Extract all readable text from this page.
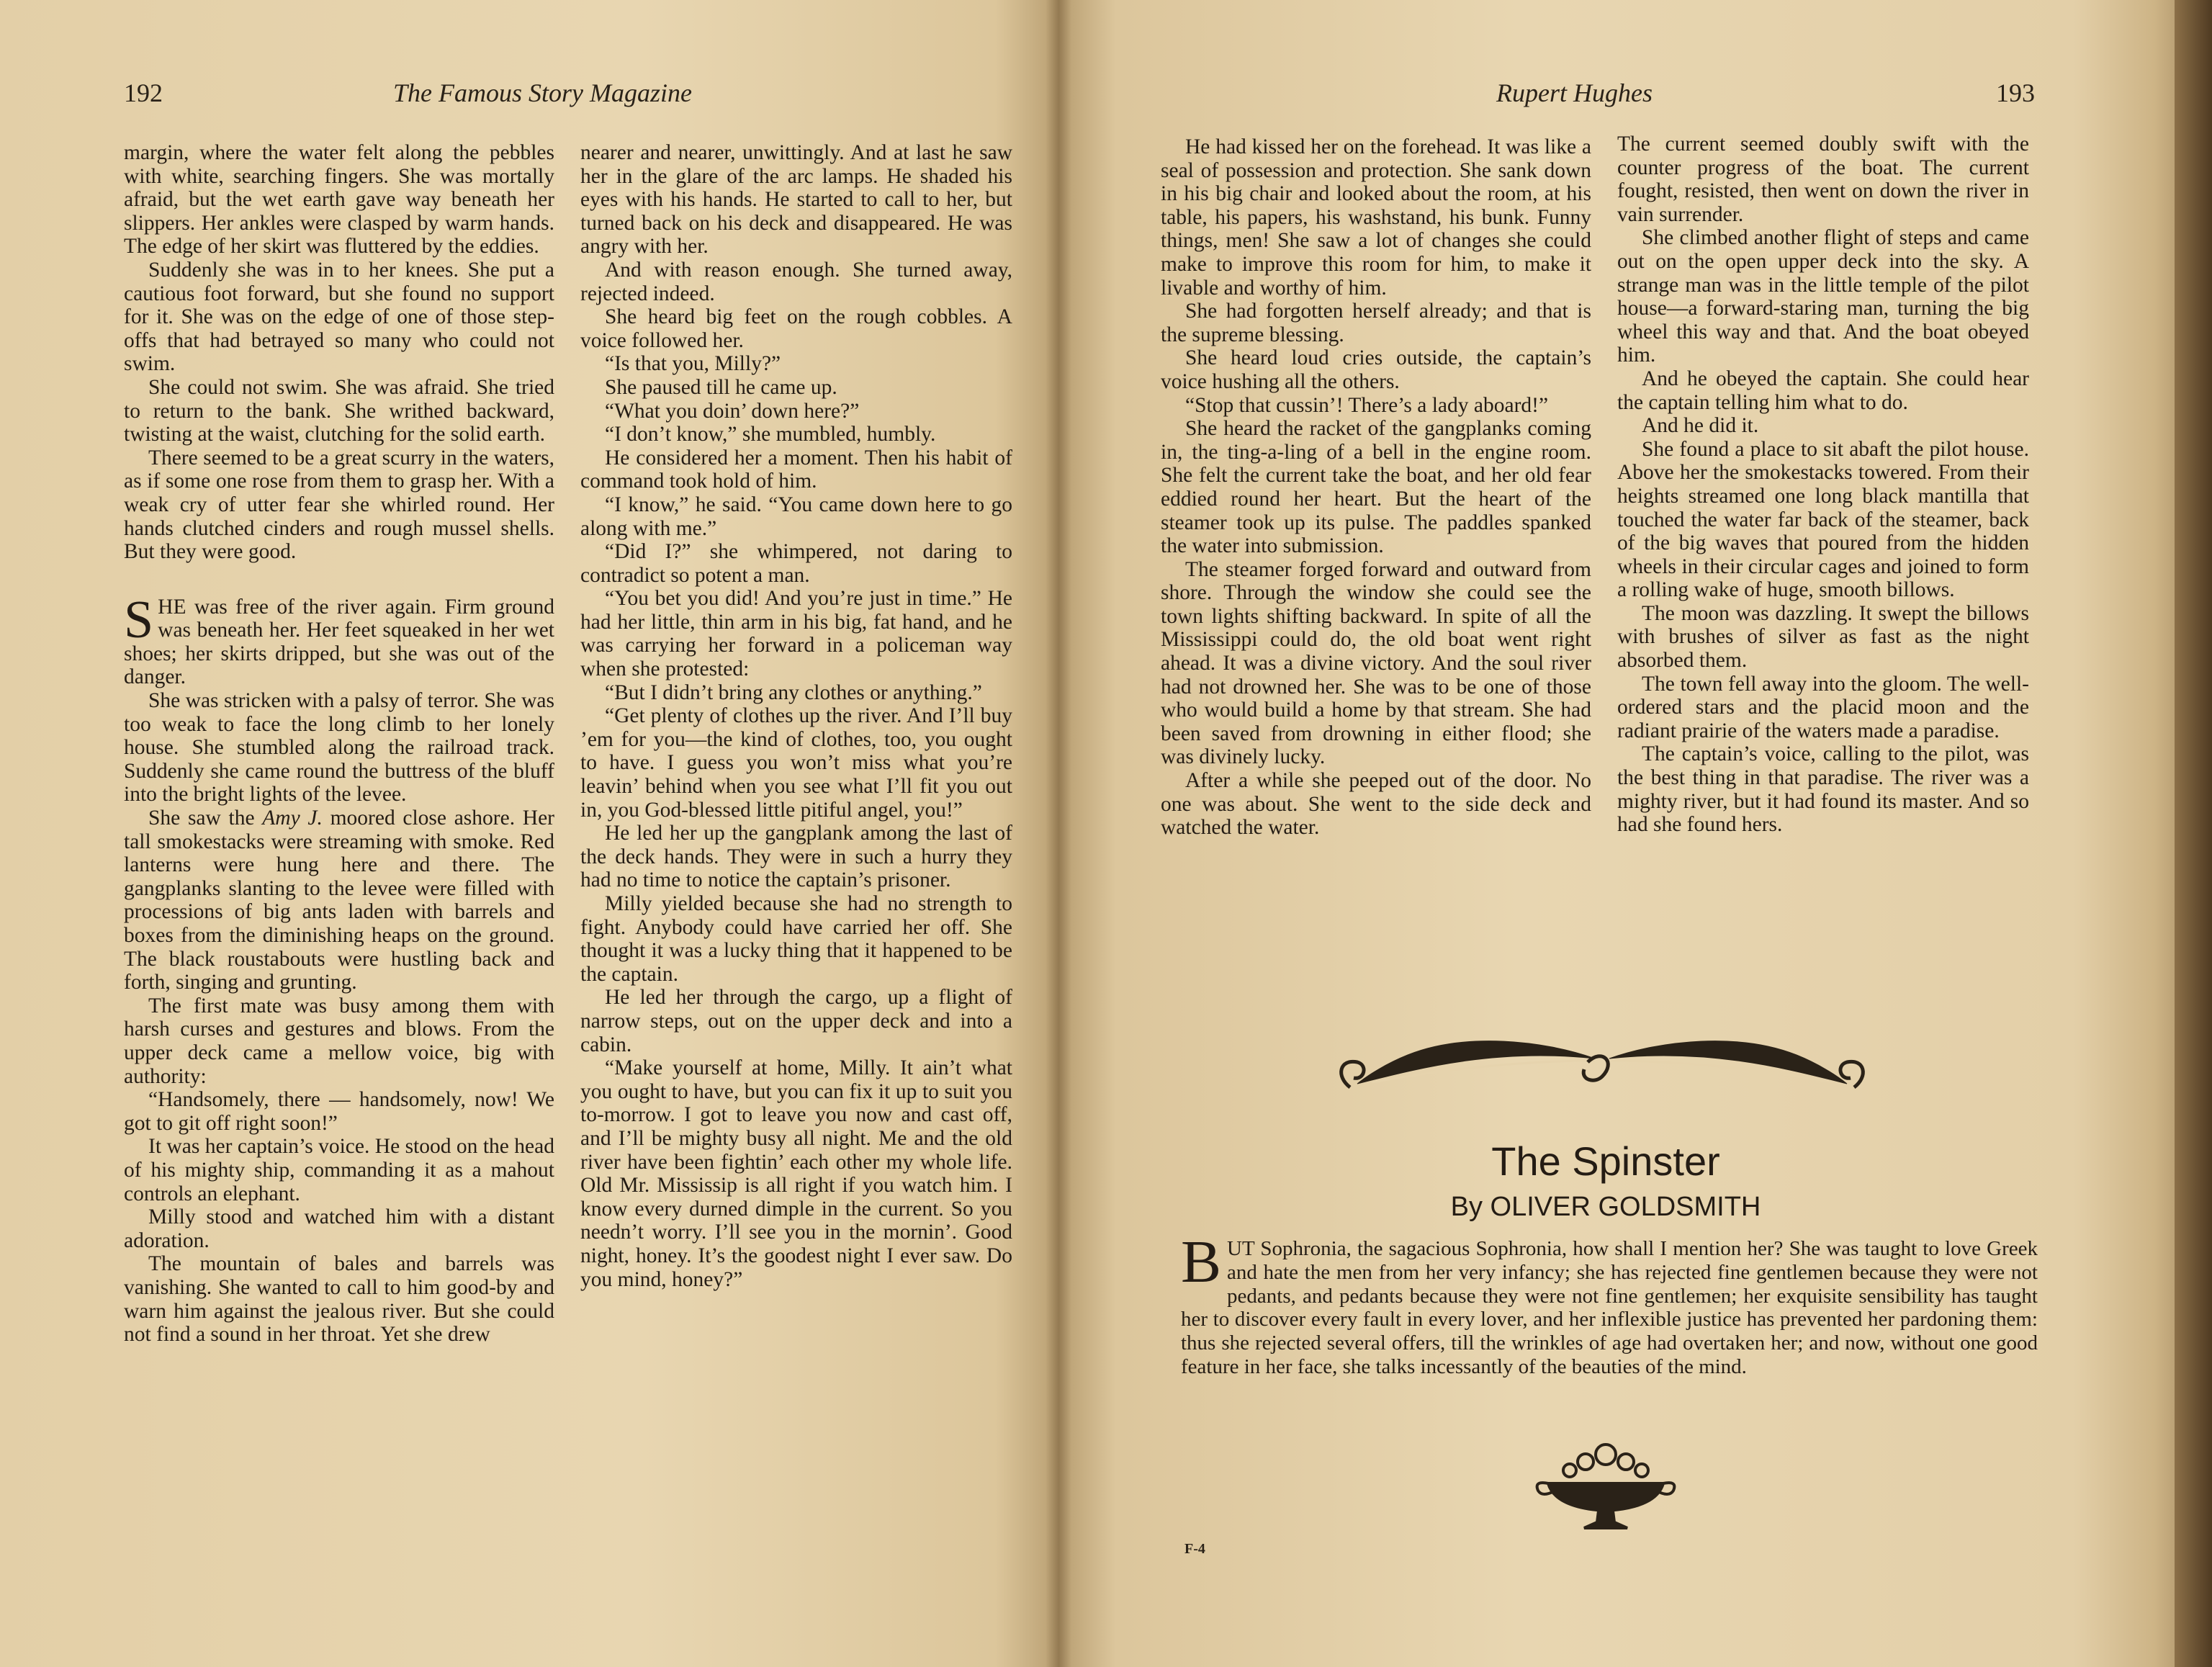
192	The Famous Story Magazine

margin, where the water felt along the pebbles with white, searching fingers. She was mortally afraid, but the wet earth gave way beneath her slippers. Her ankles were clasped by warm hands. The edge of her skirt was fluttered by the eddies.

Suddenly she was in to her knees. She put a cautious foot forward, but she found no support for it. She was on the edge of one of those step-offs that had betrayed so many who could not swim.

She could not swim. She was afraid. She tried to return to the bank. She writhed backward, twisting at the waist, clutching for the solid earth.

There seemed to be a great scurry in the waters, as if some one rose from them to grasp her. With a weak cry of utter fear she whirled round. Her hands clutched cinders and rough mussel shells. But they were good.

SHE was free of the river again. Firm ground was beneath her. Her feet squeaked in her wet shoes; her skirts dripped, but she was out of the danger.

She was stricken with a palsy of terror. She was too weak to face the long climb to her lonely house. She stumbled along the railroad track. Suddenly she came round the buttress of the bluff into the bright lights of the levee.

She saw the Amy J. moored close ashore. Her tall smokestacks were streaming with smoke. Red lanterns were hung here and there. The gangplanks slanting to the levee were filled with processions of big ants laden with barrels and boxes from the diminishing heaps on the ground. The black roustabouts were hustling back and forth, singing and grunting.

The first mate was busy among them with harsh curses and gestures and blows. From the upper deck came a mellow voice, big with authority:

“Handsomely, there — handsomely, now! We got to git off right soon!”

It was her captain’s voice. He stood on the head of his mighty ship, commanding it as a mahout controls an elephant.

Milly stood and watched him with a distant adoration.

The mountain of bales and barrels was vanishing. She wanted to call to him good-by and warn him against the jealous river. But she could not find a sound in her throat. Yet she drew

nearer and nearer, unwittingly. And at last he saw her in the glare of the arc lamps. He shaded his eyes with his hands. He started to call to her, but turned back on his deck and disappeared. He was angry with her.

And with reason enough. She turned away, rejected indeed.

She heard big feet on the rough cobbles. A voice followed her.

“Is that you, Milly?”

She paused till he came up.

“What you doin’ down here?”

“I don’t know,” she mumbled, humbly.

He considered her a moment. Then his habit of command took hold of him.

“I know,” he said. “You came down here to go along with me.”

“Did I?” she whimpered, not daring to contradict so potent a man.

“You bet you did! And you’re just in time.” He had her little, thin arm in his big, fat hand, and he was carrying her forward in a policeman way when she protested:

“But I didn’t bring any clothes or anything.”

“Get plenty of clothes up the river. And I’ll buy ’em for you—the kind of clothes, too, you ought to have. I guess you won’t miss what you’re leavin’ behind when you see what I’ll fit you out in, you God-blessed little pitiful angel, you!”

He led her up the gangplank among the last of the deck hands. They were in such a hurry they had no time to notice the captain’s prisoner.

Milly yielded because she had no strength to fight. Anybody could have carried her off. She thought it was a lucky thing that it happened to be the captain.

He led her through the cargo, up a flight of narrow steps, out on the upper deck and into a cabin.

“Make yourself at home, Milly. It ain’t what you ought to have, but you can fix it up to suit you to-morrow. I got to leave you now and cast off, and I’ll be mighty busy all night. Me and the old river have been fightin’ each other my whole life. Old Mr. Mississip is all right if you watch him. I know every durned dimple in the current. So you needn’t worry. I’ll see you in the mornin’. Good night, honey. It’s the goodest night I ever saw. Do you mind, honey?”

Rupert Hughes	193

He had kissed her on the forehead. It was like a seal of possession and protection. She sank down in his big chair and looked about the room, at his table, his papers, his washstand, his bunk. Funny things, men! She saw a lot of changes she could make to improve this room for him, to make it livable and worthy of him.

She had forgotten herself already; and that is the supreme blessing.

She heard loud cries outside, the captain’s voice hushing all the others.

“Stop that cussin’! There’s a lady aboard!”

She heard the racket of the gangplanks coming in, the ting-a-ling of a bell in the engine room. She felt the current take the boat, and her old fear eddied round her heart. But the heart of the steamer took up its pulse. The paddles spanked the water into submission.

The steamer forged forward and outward from shore. Through the window she could see the town lights shifting backward. In spite of all the Mississippi could do, the old boat went right ahead. It was a divine victory. And the soul river had not drowned her. She was to be one of those who would build a home by that stream. She had been saved from drowning in either flood; she was divinely lucky.

After a while she peeped out of the door. No one was about. She went to the side deck and watched the water.

The current seemed doubly swift with the counter progress of the boat. The current fought, resisted, then went on down the river in vain surrender.

She climbed another flight of steps and came out on the open upper deck into the sky. A strange man was in the little temple of the pilot house—a forward-staring man, turning the big wheel this way and that. And the boat obeyed him.

And he obeyed the captain. She could hear the captain telling him what to do.

And he did it.

She found a place to sit abaft the pilot house. Above her the smokestacks towered. From their heights streamed one long black mantilla that touched the water far back of the steamer, back of the big waves that poured from the hidden wheels in their circular cages and joined to form a rolling wake of huge, smooth billows.

The moon was dazzling. It swept the billows with brushes of silver as fast as the night absorbed them.

The town fell away into the gloom. The well-ordered stars and the placid moon and the radiant prairie of the waters made a paradise.

The captain’s voice, calling to the pilot, was the best thing in that paradise. The river was a mighty river, but it had found its master. And so had she found hers.

The Spinster
By OLIVER GOLDSMITH
BUT Sophronia, the sagacious Sophronia, how shall I mention her? She was taught to love Greek and hate the men from her very infancy; she has rejected fine gentlemen because they were not pedants, and pedants because they were not fine gentlemen; her exquisite sensibility has taught her to discover every fault in every lover, and her inflexible justice has prevented her pardoning them: thus she rejected several offers, till the wrinkles of age had overtaken her; and now, without one good feature in her face, she talks incessantly of the beauties of the mind.
F-4
